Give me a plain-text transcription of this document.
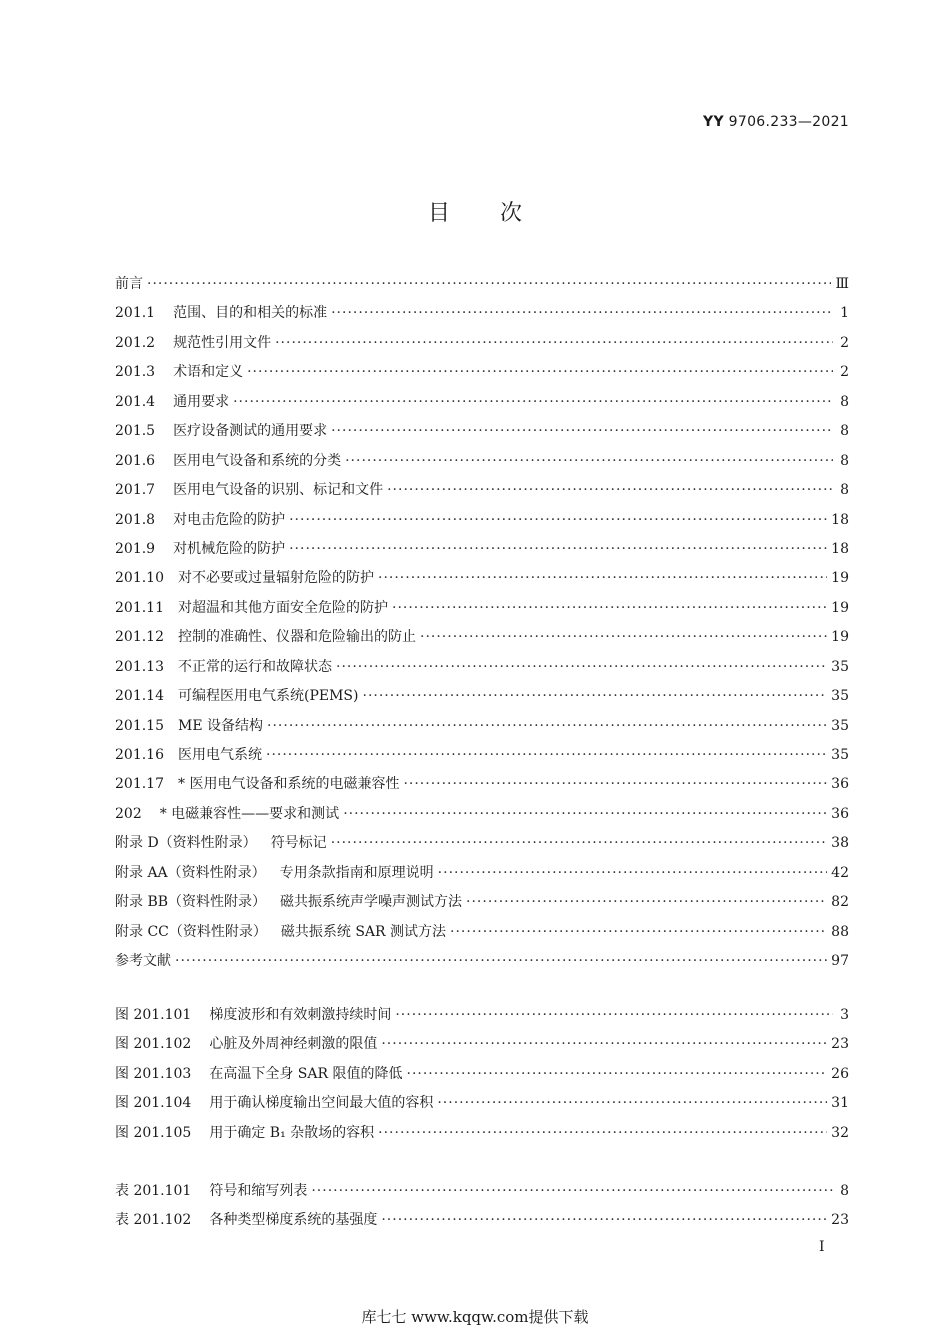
YY 9706.233—2021
目 次
前言 ·····	Ⅲ
201.1 范围、目的和相关的标准 ·····	1
201.2 规范性引用文件 ·····	2
201.3 术语和定义 ·····	2
201.4 通用要求 ·····	8
201.5 医疗设备测试的通用要求 ·····	8
201.6 医用电气设备和系统的分类 ·····	8
201.7 医用电气设备的识别、标记和文件 ·····	8
201.8 对电击危险的防护 ·····	18
201.9 对机械危险的防护 ·····	18
201.10 对不必要或过量辐射危险的防护 ·····	19
201.11 对超温和其他方面安全危险的防护 ·····	19
201.12 控制的准确性、仪器和危险输出的防止 ·····	19
201.13 不正常的运行和故障状态 ·····	35
201.14 可编程医用电气系统(PEMS) ·····	35
201.15 ME 设备结构 ·····	35
201.16 医用电气系统 ·····	35
201.17 * 医用电气设备和系统的电磁兼容性 ·····	36
202 * 电磁兼容性——要求和测试 ·····	36
附录 D（资料性附录） 符号标记 ·····	38
附录 AA（资料性附录） 专用条款指南和原理说明 ·····	42
附录 BB（资料性附录） 磁共振系统声学噪声测试方法 ·····	82
附录 CC（资料性附录） 磁共振系统 SAR 测试方法 ·····	88
参考文献 ·····	97
图 201.101 梯度波形和有效刺激持续时间 ·····	3
图 201.102 心脏及外周神经刺激的限值 ·····	23
图 201.103 在高温下全身 SAR 限值的降低 ·····	26
图 201.104 用于确认梯度输出空间最大值的容积 ·····	31
图 201.105 用于确定 B₁ 杂散场的容积 ·····	32
表 201.101 符号和缩写列表 ·····	8
表 201.102 各种类型梯度系统的基强度 ·····	23
I
库七七 www.kqqw.com提供下载
